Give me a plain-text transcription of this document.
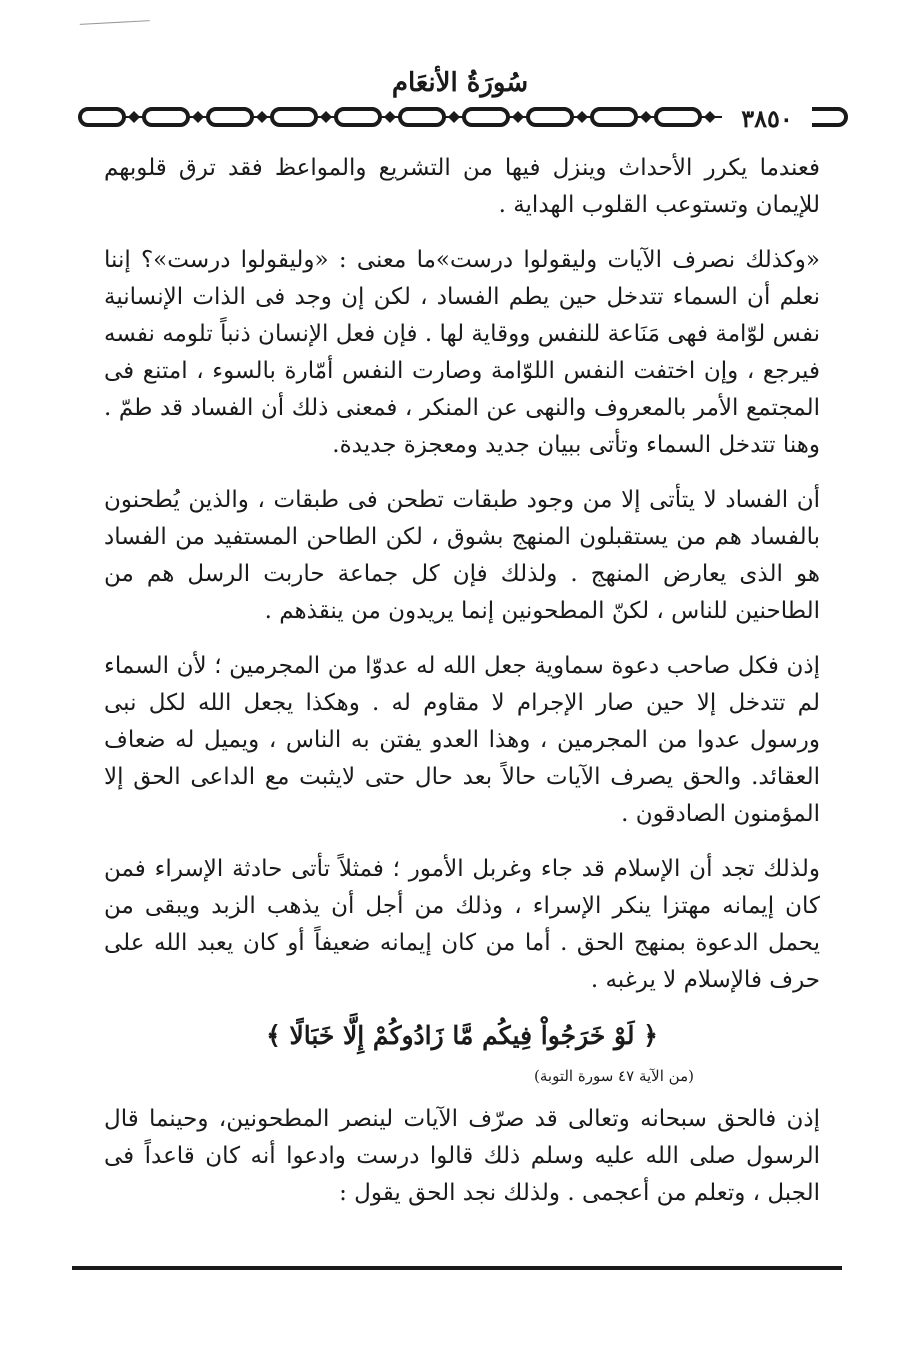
سُورَةُ الأنعَام
٣٨٥٠

فعندما يكرر الأحداث وينزل فيها من التشريع والمواعظ فقد ترق قلوبهم للإيمان وتستوعب القلوب الهداية .

«وكذلك نصرف الآيات وليقولوا درست»ما معنى : «وليقولوا درست»؟ إننا نعلم أن السماء تتدخل حين يطم الفساد ، لكن إن وجد فى الذات الإنسانية نفس لوّامة فهى مَنَاعة للنفس ووقاية لها . فإن فعل الإنسان ذنباً تلومه نفسه فيرجع ، وإن اختفت النفس اللوّامة وصارت النفس أمّارة بالسوء ، امتنع فى المجتمع الأمر بالمعروف والنهى عن المنكر ، فمعنى ذلك أن الفساد قد طمّ . وهنا تتدخل السماء وتأتى ببيان جديد ومعجزة جديدة.

أن الفساد لا يتأتى إلا من وجود طبقات تطحن فى طبقات ، والذين يُطحنون بالفساد هم من يستقبلون المنهج بشوق ، لكن الطاحن المستفيد من الفساد هو الذى يعارض المنهج . ولذلك فإن كل جماعة حاربت الرسل هم من الطاحنين للناس ، لكنّ المطحونين إنما يريدون من ينقذهم .

إذن فكل صاحب دعوة سماوية جعل الله له عدوّا من المجرمين ؛ لأن السماء لم تتدخل إلا حين صار الإجرام لا مقاوم له . وهكذا يجعل الله لكل نبى ورسول عدوا من المجرمين ، وهذا العدو يفتن به الناس ، ويميل له ضعاف العقائد. والحق يصرف الآيات حالاً بعد حال حتى لايثبت مع الداعى الحق إلا المؤمنون الصادقون .

ولذلك تجد أن الإسلام قد جاء وغربل الأمور ؛ فمثلاً تأتى حادثة الإسراء فمن كان إيمانه مهتزا ينكر الإسراء ، وذلك من أجل أن يذهب الزبد ويبقى من يحمل الدعوة بمنهج الحق . أما من كان إيمانه ضعيفاً أو كان يعبد الله على حرف فالإسلام لا يرغبه .

﴿ لَوْ خَرَجُواْ فِيكُم مَّا زَادُوكُمْ إِلَّا خَبَالًا ﴾
(من الآية ٤٧ سورة التوبة)

إذن فالحق سبحانه وتعالى قد صرّف الآيات لينصر المطحونين، وحينما قال الرسول صلى الله عليه وسلم ذلك قالوا درست وادعوا أنه كان قاعداً فى الجبل ، وتعلم من أعجمى . ولذلك نجد الحق يقول :
